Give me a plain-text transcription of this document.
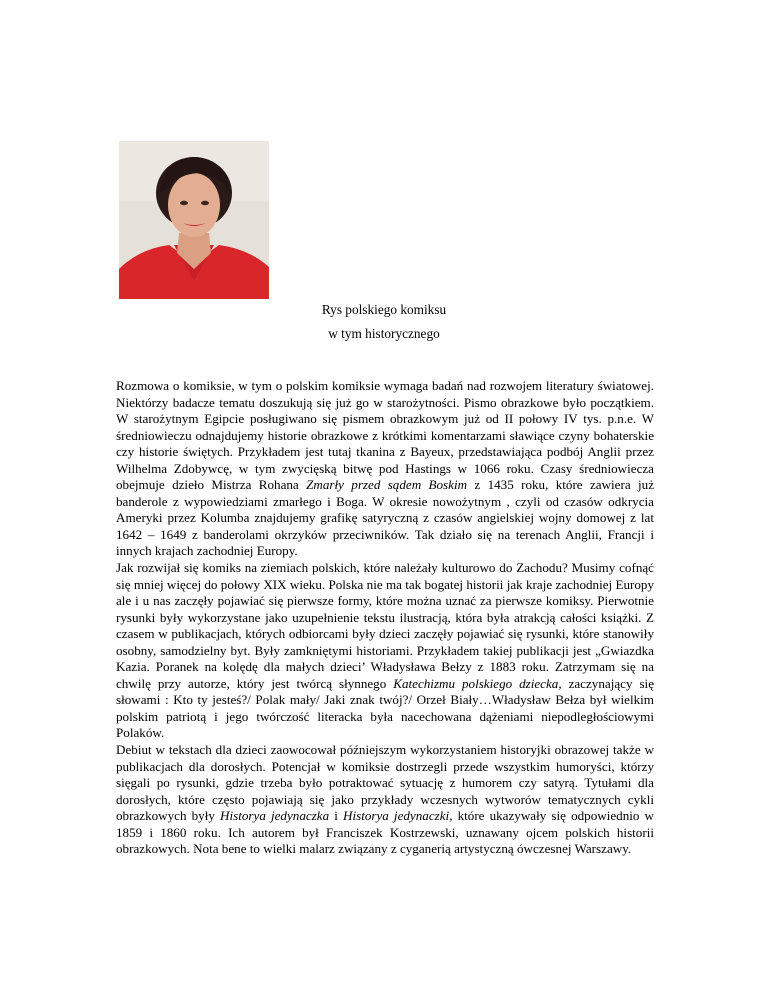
Rys polskiego komiksu
w tym historycznego

Rozmowa o komiksie, w tym o polskim komiksie wymaga badań nad rozwojem literatury światowej. Niektórzy badacze tematu doszukują się już go w starożytności. Pismo obrazkowe było początkiem. W starożytnym Egipcie posługiwano się pismem obrazkowym już od II połowy IV tys. p.n.e. W średniowieczu odnajdujemy historie obrazkowe z krótkimi komentarzami sławiące czyny bohaterskie czy historie świętych. Przykładem jest tutaj tkanina z Bayeux, przedstawiająca podbój Anglii przez Wilhelma Zdobywcę, w tym zwycięską bitwę pod Hastings w 1066 roku. Czasy średniowiecza obejmuje dzieło Mistrza Rohana Zmarły przed sądem Boskim z 1435 roku, które zawiera już banderole z wypowiedziami zmarłego i Boga. W okresie nowożytnym , czyli od czasów odkrycia Ameryki przez Kolumba znajdujemy grafikę satyryczną z czasów angielskiej wojny domowej z lat 1642 – 1649 z banderolami okrzyków przeciwników. Tak działo się na terenach Anglii, Francji i innych krajach zachodniej Europy.

Jak rozwijał się komiks na ziemiach polskich, które należały kulturowo do Zachodu? Musimy cofnąć się mniej więcej do połowy XIX wieku. Polska nie ma tak bogatej historii jak kraje zachodniej Europy ale i u nas zaczęły pojawiać się pierwsze formy, które można uznać za pierwsze komiksy. Pierwotnie rysunki były wykorzystane jako uzupełnienie tekstu ilustracją, która była atrakcją całości książki. Z czasem w publikacjach, których odbiorcami były dzieci zaczęły pojawiać się rysunki, które stanowiły osobny, samodzielny byt. Były zamkniętymi historiami. Przykładem takiej publikacji jest „Gwiazdka Kazia. Poranek na kolędę dla małych dzieci’ Władysława Bełzy z 1883 roku. Zatrzymam się na chwilę przy autorze, który jest twórcą słynnego Katechizmu polskiego dziecka, zaczynający się słowami : Kto ty jesteś?/ Polak mały/ Jaki znak twój?/ Orzeł Biały…Władysław Bełza był wielkim polskim patriotą i jego twórczość literacka była nacechowana dążeniami niepodległościowymi Polaków.

Debiut w tekstach dla dzieci zaowocował późniejszym wykorzystaniem historyjki obrazowej także w publikacjach dla dorosłych. Potencjał w komiksie dostrzegli przede wszystkim humoryści, którzy sięgali po rysunki, gdzie trzeba było potraktować sytuację z humorem czy satyrą. Tytułami dla dorosłych, które często pojawiają się jako przykłady wczesnych wytworów tematycznych cykli obrazkowych były Historya jedynaczka i Historya jedynaczki, które ukazywały się odpowiednio w 1859 i 1860 roku. Ich autorem był Franciszek Kostrzewski, uznawany ojcem polskich historii obrazkowych. Nota bene to wielki malarz związany z cyganerią artystyczną ówczesnej Warszawy.
